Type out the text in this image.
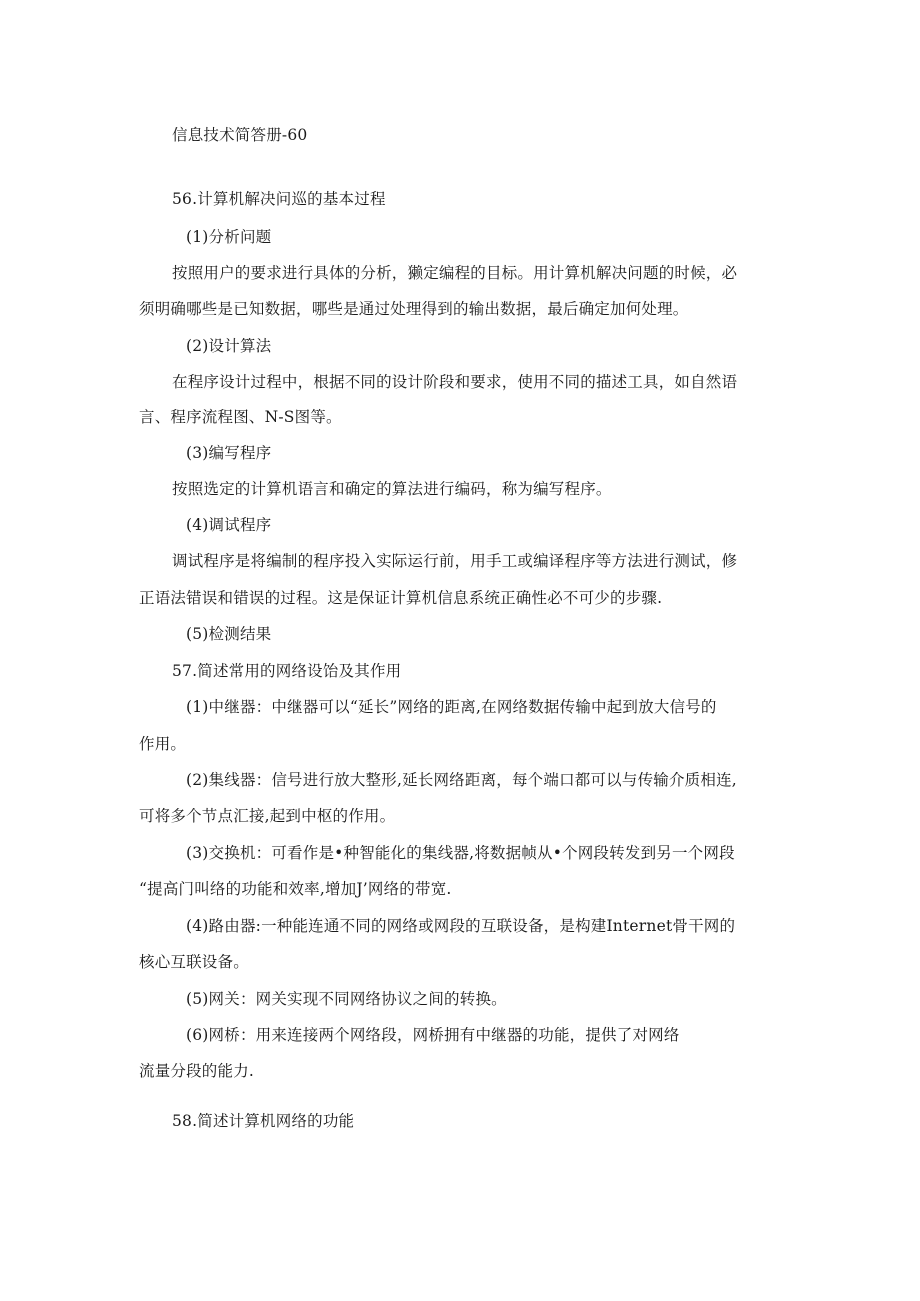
信息技术简答册-60

56.计算机解决问巡的基本过程

(1)分析问题

按照用户的要求进行具体的分析，獭定编程的目标。用计算机解决问题的时候，必

须明确哪些是已知数据，哪些是通过处理得到的输出数据，最后确定加何处理。

(2)设计算法

在程序设计过程中，根据不同的设计阶段和要求，使用不同的描述工具，如自然语

言、程序流程图、N-S图等。

(3)编写程序

按照选定的计算机语言和确定的算法进行编码，称为编写程序。

(4)调试程序

调试程序是将编制的程序投入实际运行前，用手工或编译程序等方法进行测试，修

正语法错误和错误的过程。这是保证计算机信息系统正确性必不可少的步骤.

(5)检测结果

57.简述常用的网络设饴及其作用

(1)中继器：中继器可以“延长”网络的距离,在网络数据传输中起到放大信号的

作用。

(2)集线器：信号进行放大整形,延长网络距离，每个端口都可以与传输介质相连,

可将多个节点汇接,起到中枢的作用。

(3)交换机：可看作是•种智能化的集线器,将数据帧从•个网段转发到另一个网段

“提高门叫络的功能和效率,增加J’网络的带宽.

(4)路由器:一种能连通不同的网络或网段的互联设备，是构建Internet骨干网的

核心互联设备。

(5)网关：网关实现不同网络协议之间的转换。

(6)网桥：用来连接两个网络段，网桥拥有中继器的功能，提供了对网络

流量分段的能力.

58.简述计算机网络的功能
